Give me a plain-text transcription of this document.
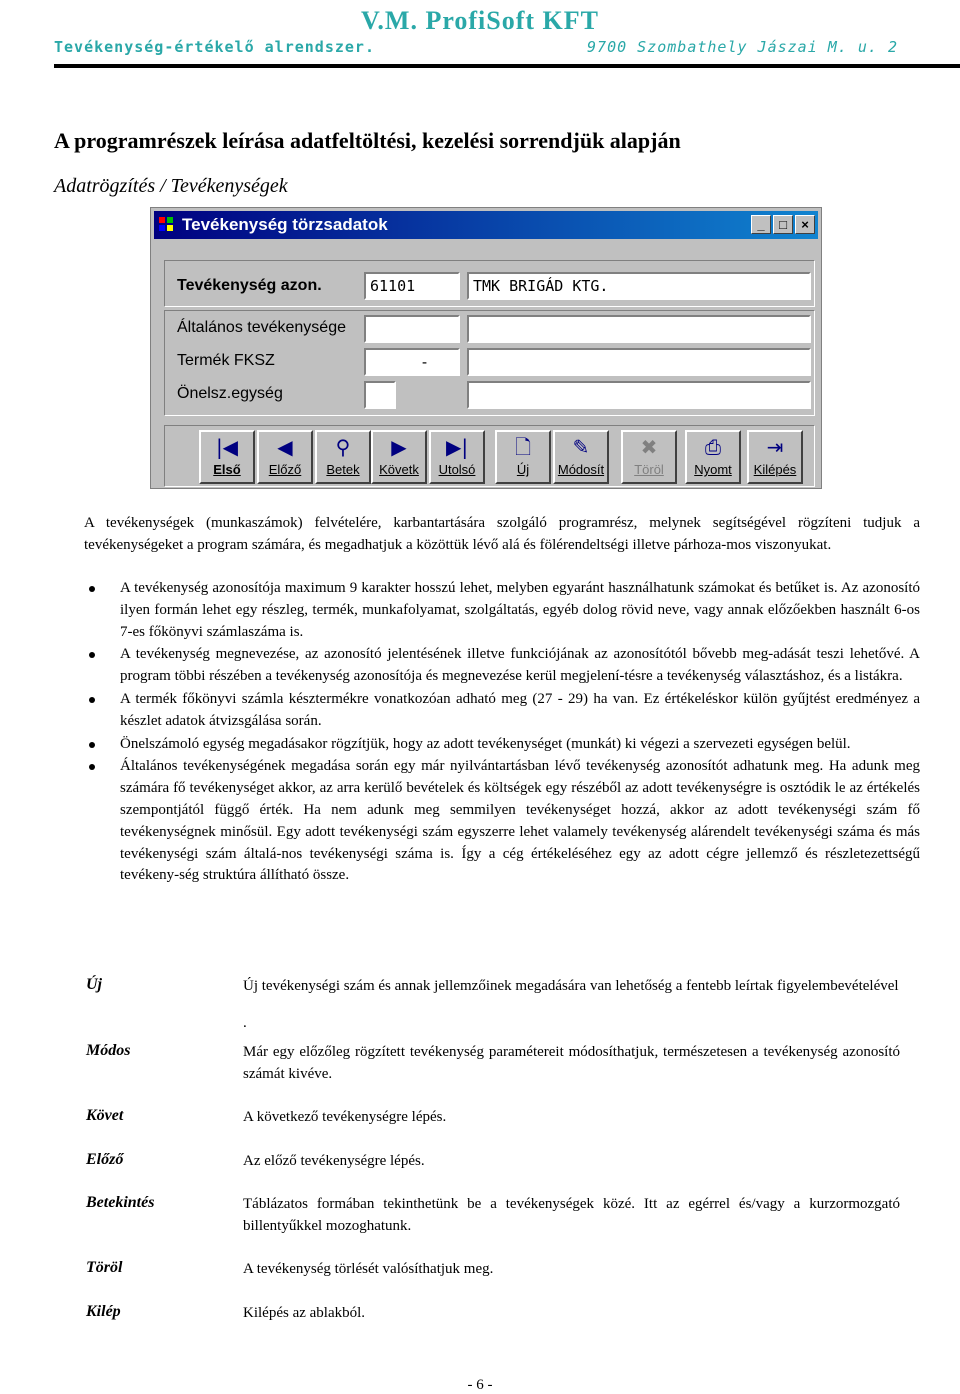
V.M. ProfiSoft KFT
Tevékenység-értékelő alrendszer.	9700 Szombathely Jászai M. u. 2
A programrészek leírása adatfeltöltési, kezelési sorrendjük alapján
Adatrögzítés / Tevékenységek
Tevékenység törzsadatok	_	□	×
Tevékenység azon.	61101	TMK BRIGÁD KTG.
Általános tevékenysége
Termék FKSZ	-
Önelsz.egység
|◀
Első
◀
Előző
⚲
Betek
▶
Követk
▶|
Utolsó
🗋
Új
✎
Módosít
✖
Töröl
⎙
Nyomt
⇥
Kilépés
A tevékenységek (munkaszámok) felvételére, karbantartására szolgáló programrész, melynek segítségével rögzíteni tudjuk a tevékenységeket a program számára, és megadhatjuk a közöttük lévő alá és fölérendeltségi illetve párhoza-mos viszonyukat.
A tevékenység azonosítója maximum 9 karakter hosszú lehet, melyben egyaránt használhatunk számokat és betűket is. Az azonosító ilyen formán lehet egy részleg, termék, munkafolyamat, szolgáltatás, egyéb dolog rövid neve, vagy annak előzőekben használt 6-os 7-es főkönyvi számlaszáma is.
A tevékenység megnevezése, az azonosító jelentésének illetve funkciójának az azonosítótól bővebb meg-adását teszi lehetővé. A program többi részében a tevékenység azonosítója és megnevezése kerül megjelení-tésre a tevékenység választáshoz, és a listákra.
A termék főkönyvi számla késztermékre vonatkozóan adható meg (27 - 29) ha van. Ez értékeléskor külön gyűjtést eredményez a készlet adatok átvizsgálása során.
Önelszámoló egység megadásakor rögzítjük, hogy az adott tevékenységet (munkát) ki végezi a szervezeti egységen belül.
Általános tevékenységének megadása során egy már nyilvántartásban lévő tevékenység azonosítót adhatunk meg. Ha adunk meg számára fő tevékenységet akkor, az arra kerülő bevételek és költségek egy részéből az adott tevékenységre is osztódik le az értékelés szempontjától függő érték. Ha nem adunk meg semmilyen tevékenységet hozzá, akkor az adott tevékenységi szám fő tevékenységnek minősül. Egy adott tevékenységi szám egyszerre lehet valamely tevékenység alárendelt tevékenységi száma és más tevékenységi szám általá-nos tevékenységi száma is. Így a cég értékeléséhez egy az adott cégre jellemző és részletezettségű tevékeny-ség struktúra állítható össze.
Új	Új tevékenységi szám és annak jellemzőinek megadására van lehetőség a fentebb leírtak figyelembevételével
.
Módos	Már egy előzőleg rögzített tevékenység paramétereit módosíthatjuk, természetesen a tevékenység azonosító számát kivéve.
Követ	A következő tevékenységre lépés.
Előző	Az előző tevékenységre lépés.
Betekintés	Táblázatos formában tekinthetünk be a tevékenységek közé. Itt az egérrel és/vagy a kurzormozgató billentyűkkel mozoghatunk.
Töröl	A tevékenység törlését valósíthatjuk meg.
Kilép	Kilépés az ablakból.
- 6 -
